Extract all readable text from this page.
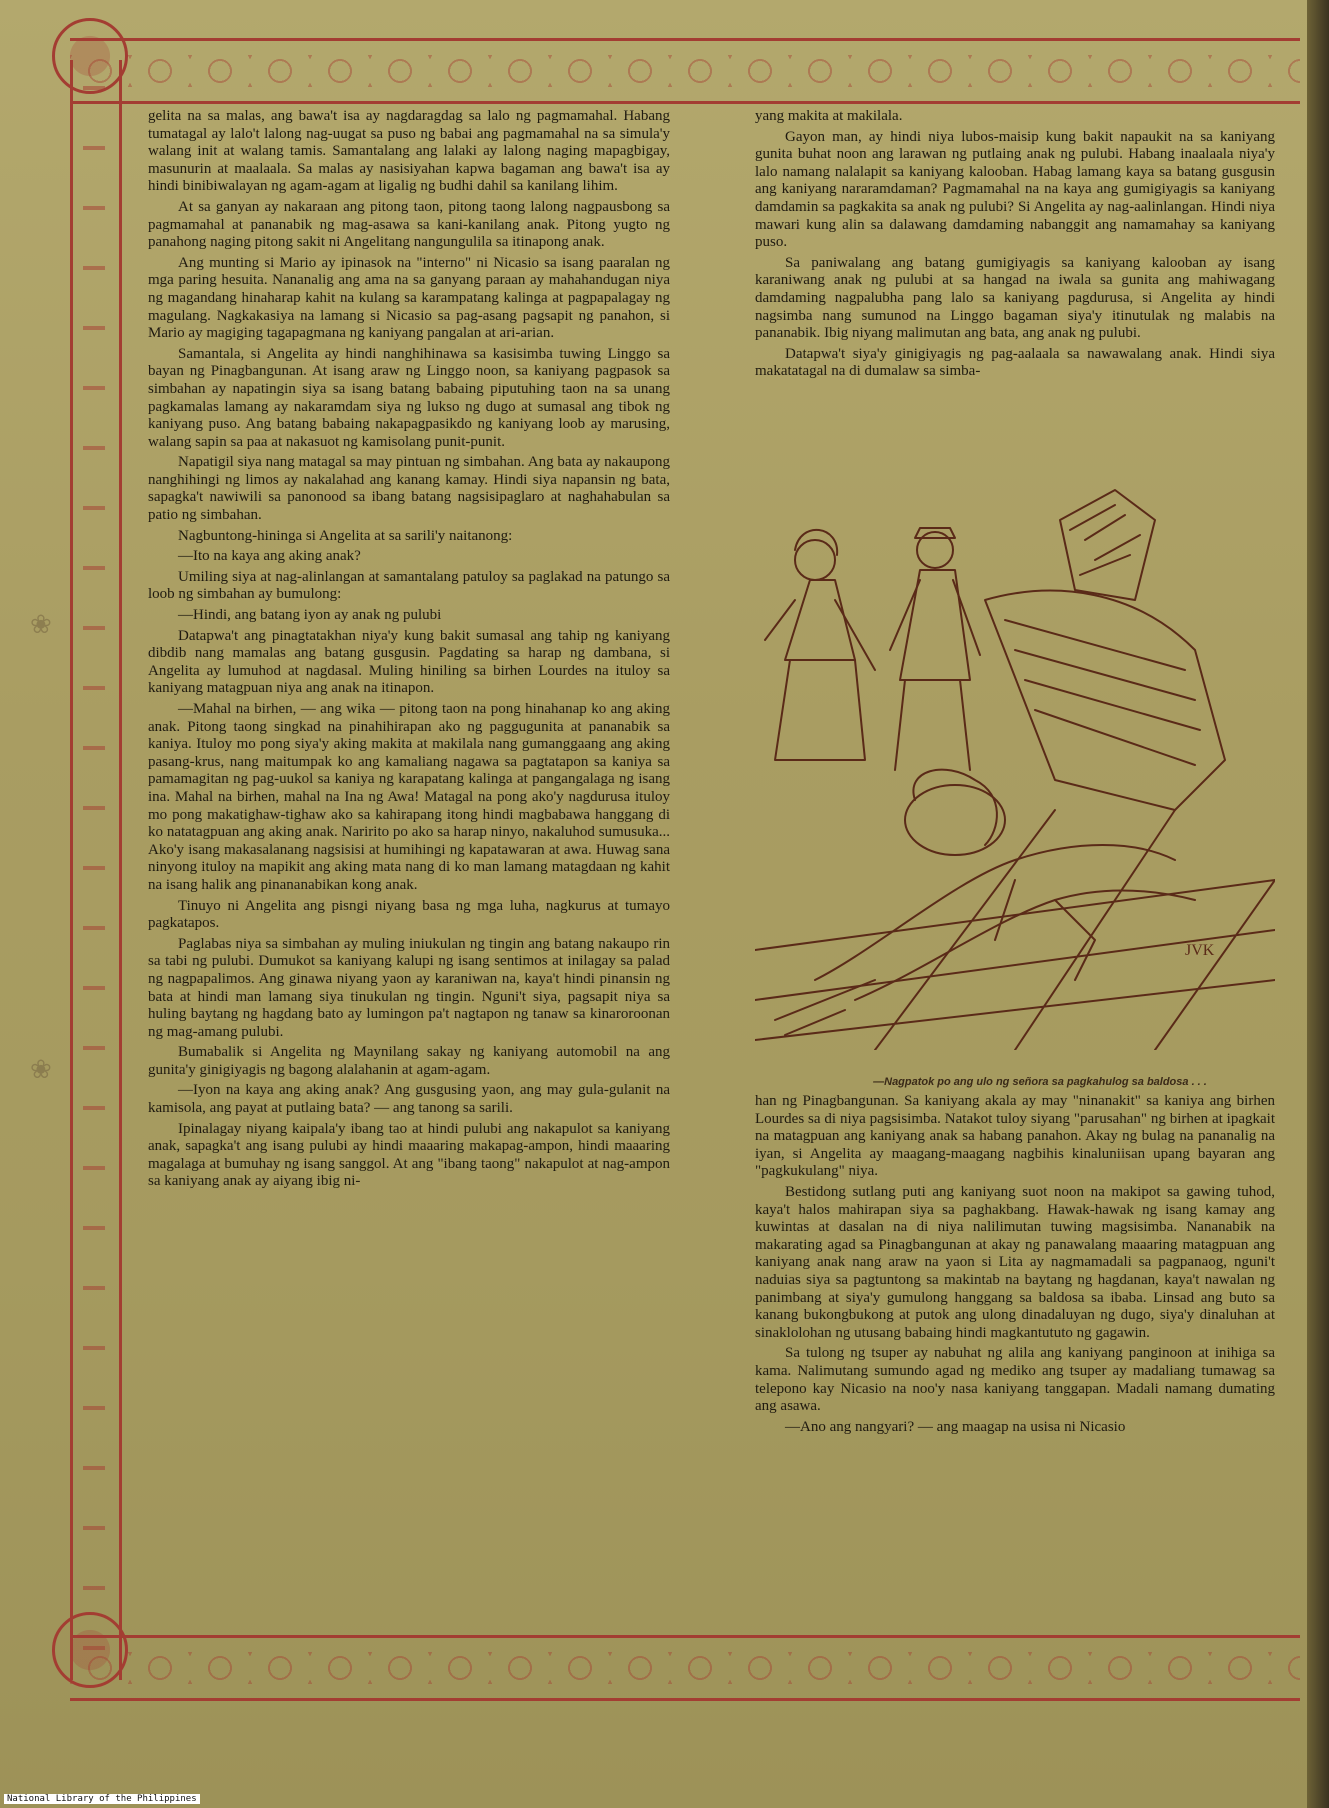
❀
❀

gelita na sa malas, ang bawa't isa ay nagdaragdag sa lalo ng pagmamahal. Habang tumatagal ay lalo't lalong nag-uugat sa puso ng babai ang pagmamahal na sa simula'y walang init at walang tamis. Samantalang ang lalaki ay lalong naging mapagbigay, masunurin at maalaala. Sa malas ay nasisiyahan kapwa bagaman ang bawa't isa ay hindi binibiwalayan ng agam-agam at ligalig ng budhi dahil sa kanilang lihim.

At sa ganyan ay nakaraan ang pitong taon, pitong taong lalong nagpausbong sa pagmamahal at pananabik ng mag-asawa sa kani-kanilang anak. Pitong yugto ng panahong naging pitong sakit ni Angelitang nangungulila sa itinapong anak.

Ang munting si Mario ay ipinasok na "interno" ni Nicasio sa isang paaralan ng mga paring hesuita. Nananalig ang ama na sa ganyang paraan ay mahahandugan niya ng magandang hinaharap kahit na kulang sa karampatang kalinga at pagpapalagay ng magulang. Nagkakasiya na lamang si Nicasio sa pag-asang pagsapit ng panahon, si Mario ay magiging tagapagmana ng kaniyang pangalan at ari-arian.

Samantala, si Angelita ay hindi nanghihinawa sa kasisimba tuwing Linggo sa bayan ng Pinagbangunan. At isang araw ng Linggo noon, sa kaniyang pagpasok sa simbahan ay napatingin siya sa isang batang babaing piputuhing taon na sa unang pagkamalas lamang ay nakaramdam siya ng lukso ng dugo at sumasal ang tibok ng kaniyang puso. Ang batang babaing nakapagpasikdo ng kaniyang loob ay marusing, walang sapin sa paa at nakasuot ng kamisolang punit-punit.

Napatigil siya nang matagal sa may pintuan ng simbahan. Ang bata ay nakaupong nanghihingi ng limos ay nakalahad ang kanang kamay. Hindi siya napansin ng bata, sapagka't nawiwili sa panonood sa ibang batang nagsisipaglaro at naghahabulan sa patio ng simbahan.

Nagbuntong-hininga si Angelita at sa sarili'y naitanong:

—Ito na kaya ang aking anak?

Umiling siya at nag-alinlangan at samantalang patuloy sa paglakad na patungo sa loob ng simbahan ay bumulong:

—Hindi, ang batang iyon ay anak ng pulubi

Datapwa't ang pinagtatakhan niya'y kung bakit sumasal ang tahip ng kaniyang dibdib nang mamalas ang batang gusgusin. Pagdating sa harap ng dambana, si Angelita ay lumuhod at nagdasal. Muling hiniling sa birhen Lourdes na ituloy sa kaniyang matagpuan niya ang anak na itinapon.

—Mahal na birhen, — ang wika — pitong taon na pong hinahanap ko ang aking anak. Pitong taong singkad na pinahihirapan ako ng paggugunita at pananabik sa kaniya. Ituloy mo pong siya'y aking makita at makilala nang gumanggaang ang aking pasang-krus, nang maitumpak ko ang kamaliang nagawa sa pagtatapon sa kaniya sa pamamagitan ng pag-uukol sa kaniya ng karapatang kalinga at pangangalaga ng isang ina. Mahal na birhen, mahal na Ina ng Awa! Matagal na pong ako'y nagdurusa ituloy mo pong makatighaw-tighaw ako sa kahirapang itong hindi magbabawa hanggang di ko natatagpuan ang aking anak. Naririto po ako sa harap ninyo, nakaluhod sumusuka... Ako'y isang makasalanang nagsisisi at humihingi ng kapatawaran at awa. Huwag sana ninyong ituloy na mapikit ang aking mata nang di ko man lamang matagdaan ng kahit na isang halik ang pinananabikan kong anak.

Tinuyo ni Angelita ang pisngi niyang basa ng mga luha, nagkurus at tumayo pagkatapos.

Paglabas niya sa simbahan ay muling iniukulan ng tingin ang batang nakaupo rin sa tabi ng pulubi. Dumukot sa kaniyang kalupi ng isang sentimos at inilagay sa palad ng nagpapalimos. Ang ginawa niyang yaon ay karaniwan na, kaya't hindi pinansin ng bata at hindi man lamang siya tinukulan ng tingin. Nguni't siya, pagsapit niya sa huling baytang ng hagdang bato ay lumingon pa't nagtapon ng tanaw sa kinaroroonan ng mag-amang pulubi.

Bumabalik si Angelita ng Maynilang sakay ng kaniyang automobil na ang gunita'y ginigiyagis ng bagong alalahanin at agam-agam.

—Iyon na kaya ang aking anak? Ang gusgusing yaon, ang may gula-gulanit na kamisola, ang payat at putlaing bata? — ang tanong sa sarili.

Ipinalagay niyang kaipala'y ibang tao at hindi pulubi ang nakapulot sa kaniyang anak, sapagka't ang isang pulubi ay hindi maaaring makapag-ampon, hindi maaaring magalaga at bumuhay ng isang sanggol. At ang "ibang taong" nakapulot at nag-ampon sa kaniyang anak ay aiyang ibig ni-

yang makita at makilala.

Gayon man, ay hindi niya lubos-maisip kung bakit napaukit na sa kaniyang gunita buhat noon ang larawan ng putlaing anak ng pulubi. Habang inaalaala niya'y lalo namang nalalapit sa kaniyang kalooban. Habag lamang kaya sa batang gusgusin ang kaniyang nararamdaman? Pagmamahal na na kaya ang gumigiyagis sa kaniyang damdamin sa pagkakita sa anak ng pulubi? Si Angelita ay nag-aalinlangan. Hindi niya mawari kung alin sa dalawang damdaming nabanggit ang namamahay sa kaniyang puso.

Sa paniwalang ang batang gumigiyagis sa kaniyang kalooban ay isang karaniwang anak ng pulubi at sa hangad na iwala sa gunita ang mahiwagang damdaming nagpalubha pang lalo sa kaniyang pagdurusa, si Angelita ay hindi nagsimba nang sumunod na Linggo bagaman siya'y itinutulak ng malabis na pananabik. Ibig niyang malimutan ang bata, ang anak ng pulubi.

Datapwa't siya'y ginigiyagis ng pag-aalaala sa nawawalang anak. Hindi siya makatatagal na di dumalaw sa simba-

JVK
—Nagpatok po ang ulo ng señora sa pagkahulog sa baldosa . . .

han ng Pinagbangunan. Sa kaniyang akala ay may "ninanakit" sa kaniya ang birhen Lourdes sa di niya pagsisimba. Natakot tuloy siyang "parusahan" ng birhen at ipagkait na matagpuan ang kaniyang anak sa habang panahon. Akay ng bulag na pananalig na iyan, si Angelita ay maagang-maagang nagbihis kinaluniisan upang bayaran ang "pagkukulang" niya.

Bestidong sutlang puti ang kaniyang suot noon na makipot sa gawing tuhod, kaya't halos mahirapan siya sa paghakbang. Hawak-hawak ng isang kamay ang kuwintas at dasalan na di niya nalilimutan tuwing magsisimba. Nananabik na makarating agad sa Pinagbangunan at akay ng panawalang maaaring matagpuan ang kaniyang anak nang araw na yaon si Lita ay nagmamadali sa pagpanaog, nguni't naduias siya sa pagtuntong sa makintab na baytang ng hagdanan, kaya't nawalan ng panimbang at siya'y gumulong hanggang sa baldosa sa ibaba. Linsad ang buto sa kanang bukongbukong at putok ang ulong dinadaluyan ng dugo, siya'y dinaluhan at sinaklolohan ng utusang babaing hindi magkantututo ng gagawin.

Sa tulong ng tsuper ay nabuhat ng alila ang kaniyang panginoon at inihiga sa kama. Nalimutang sumundo agad ng mediko ang tsuper ay madaliang tumawag sa telepono kay Nicasio na noo'y nasa kaniyang tanggapan. Madali namang dumating ang asawa.

—Ano ang nangyari? — ang maagap na usisa ni Nicasio

National Library of the Philippines
